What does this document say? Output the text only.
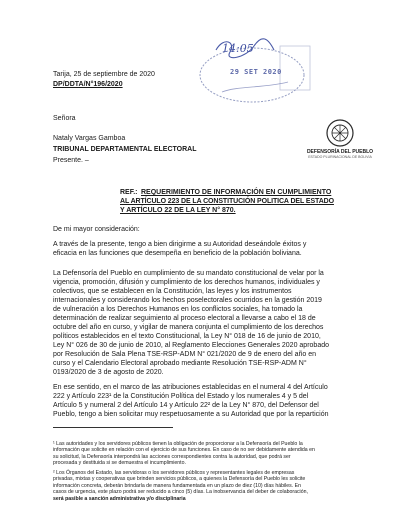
14:05
29 SET 2020
Tarija, 25 de septiembre de 2020
DP/DDTA/N°196/2020
Señora
Nataly Vargas Gamboa
TRIBUNAL DEPARTAMENTAL ELECTORAL
Presente. –
DEFENSORÍA DEL PUEBLO
ESTADO PLURINACIONAL DE BOLIVIA
REF.: REQUERIMIENTO DE INFORMACIÓN EN CUMPLIMIENTO
AL ARTÍCULO 223 DE LA CONSTITUCIÓN POLITICA DEL ESTADO
Y ARTÍCULO 22 DE LA LEY N° 870.
De mi mayor consideración:
A través de la presente, tengo a bien dirigirme a su Autoridad deseándole éxitos y
eficacia en las funciones que desempeña en beneficio de la población boliviana.
La Defensoría del Pueblo en cumplimiento de su mandato constitucional de velar por la
vigencia, promoción, difusión y cumplimiento de los derechos humanos, individuales y
colectivos, que se establecen en la Constitución, las leyes y los instrumentos
internacionales y considerando los hechos poselectorales ocurridos en la gestión 2019
de vulneración a los Derechos Humanos en los conflictos sociales, ha tomado la
determinación de realizar seguimiento al proceso electoral a llevarse a cabo el 18 de
octubre del año en curso, y vigilar de manera conjunta el cumplimiento de los derechos
políticos establecidos en el texto Constitucional, la Ley N° 018 de 16 de junio de 2010,
Ley N° 026 de 30 de junio de 2010, al Reglamento Elecciones Generales 2020 aprobado
por Resolución de Sala Plena TSE-RSP-ADM N° 021/2020 de 9 de enero del año en
curso y el Calendario Electoral aprobado mediante Resolución TSE-RSP-ADM N°
0193/2020 de 3 de agosto de 2020.
En ese sentido, en el marco de las atribuciones establecidas en el numeral 4 del Artículo
222 y Artículo 223¹ de la Constitución Política del Estado y los numerales 4 y 5 del
Artículo 5 y numeral 2 del Artículo 14 y Artículo 22² de la Ley N° 870, del Defensor del
Pueblo, tengo a bien solicitar muy respetuosamente a su Autoridad que por la repartición
¹ Las autoridades y los servidores públicos tienen la obligación de proporcionar a la Defensoría del Pueblo la
información que solicite en relación con el ejercicio de sus funciones. En caso de no ser debidamente atendida en
su solicitud, la Defensoría interpondrá las acciones correspondientes contra la autoridad, que podrá ser
procesada y destituida si se demuestra el incumplimiento.
² Los Órganos del Estado, las servidoras o los servidores públicos y representantes legales de empresas
privadas, mixtas y cooperativas que brinden servicios públicos, a quienes la Defensoría del Pueblo les solicite
información concreta, deberán brindarla de manera fundamentada en un plazo de diez (10) días hábiles. En
casos de urgencia, este plazo podrá ser reducido a cinco (5) días. La inobservancia del deber de colaboración,
será pasible a sanción administrativa y/o disciplinaria
